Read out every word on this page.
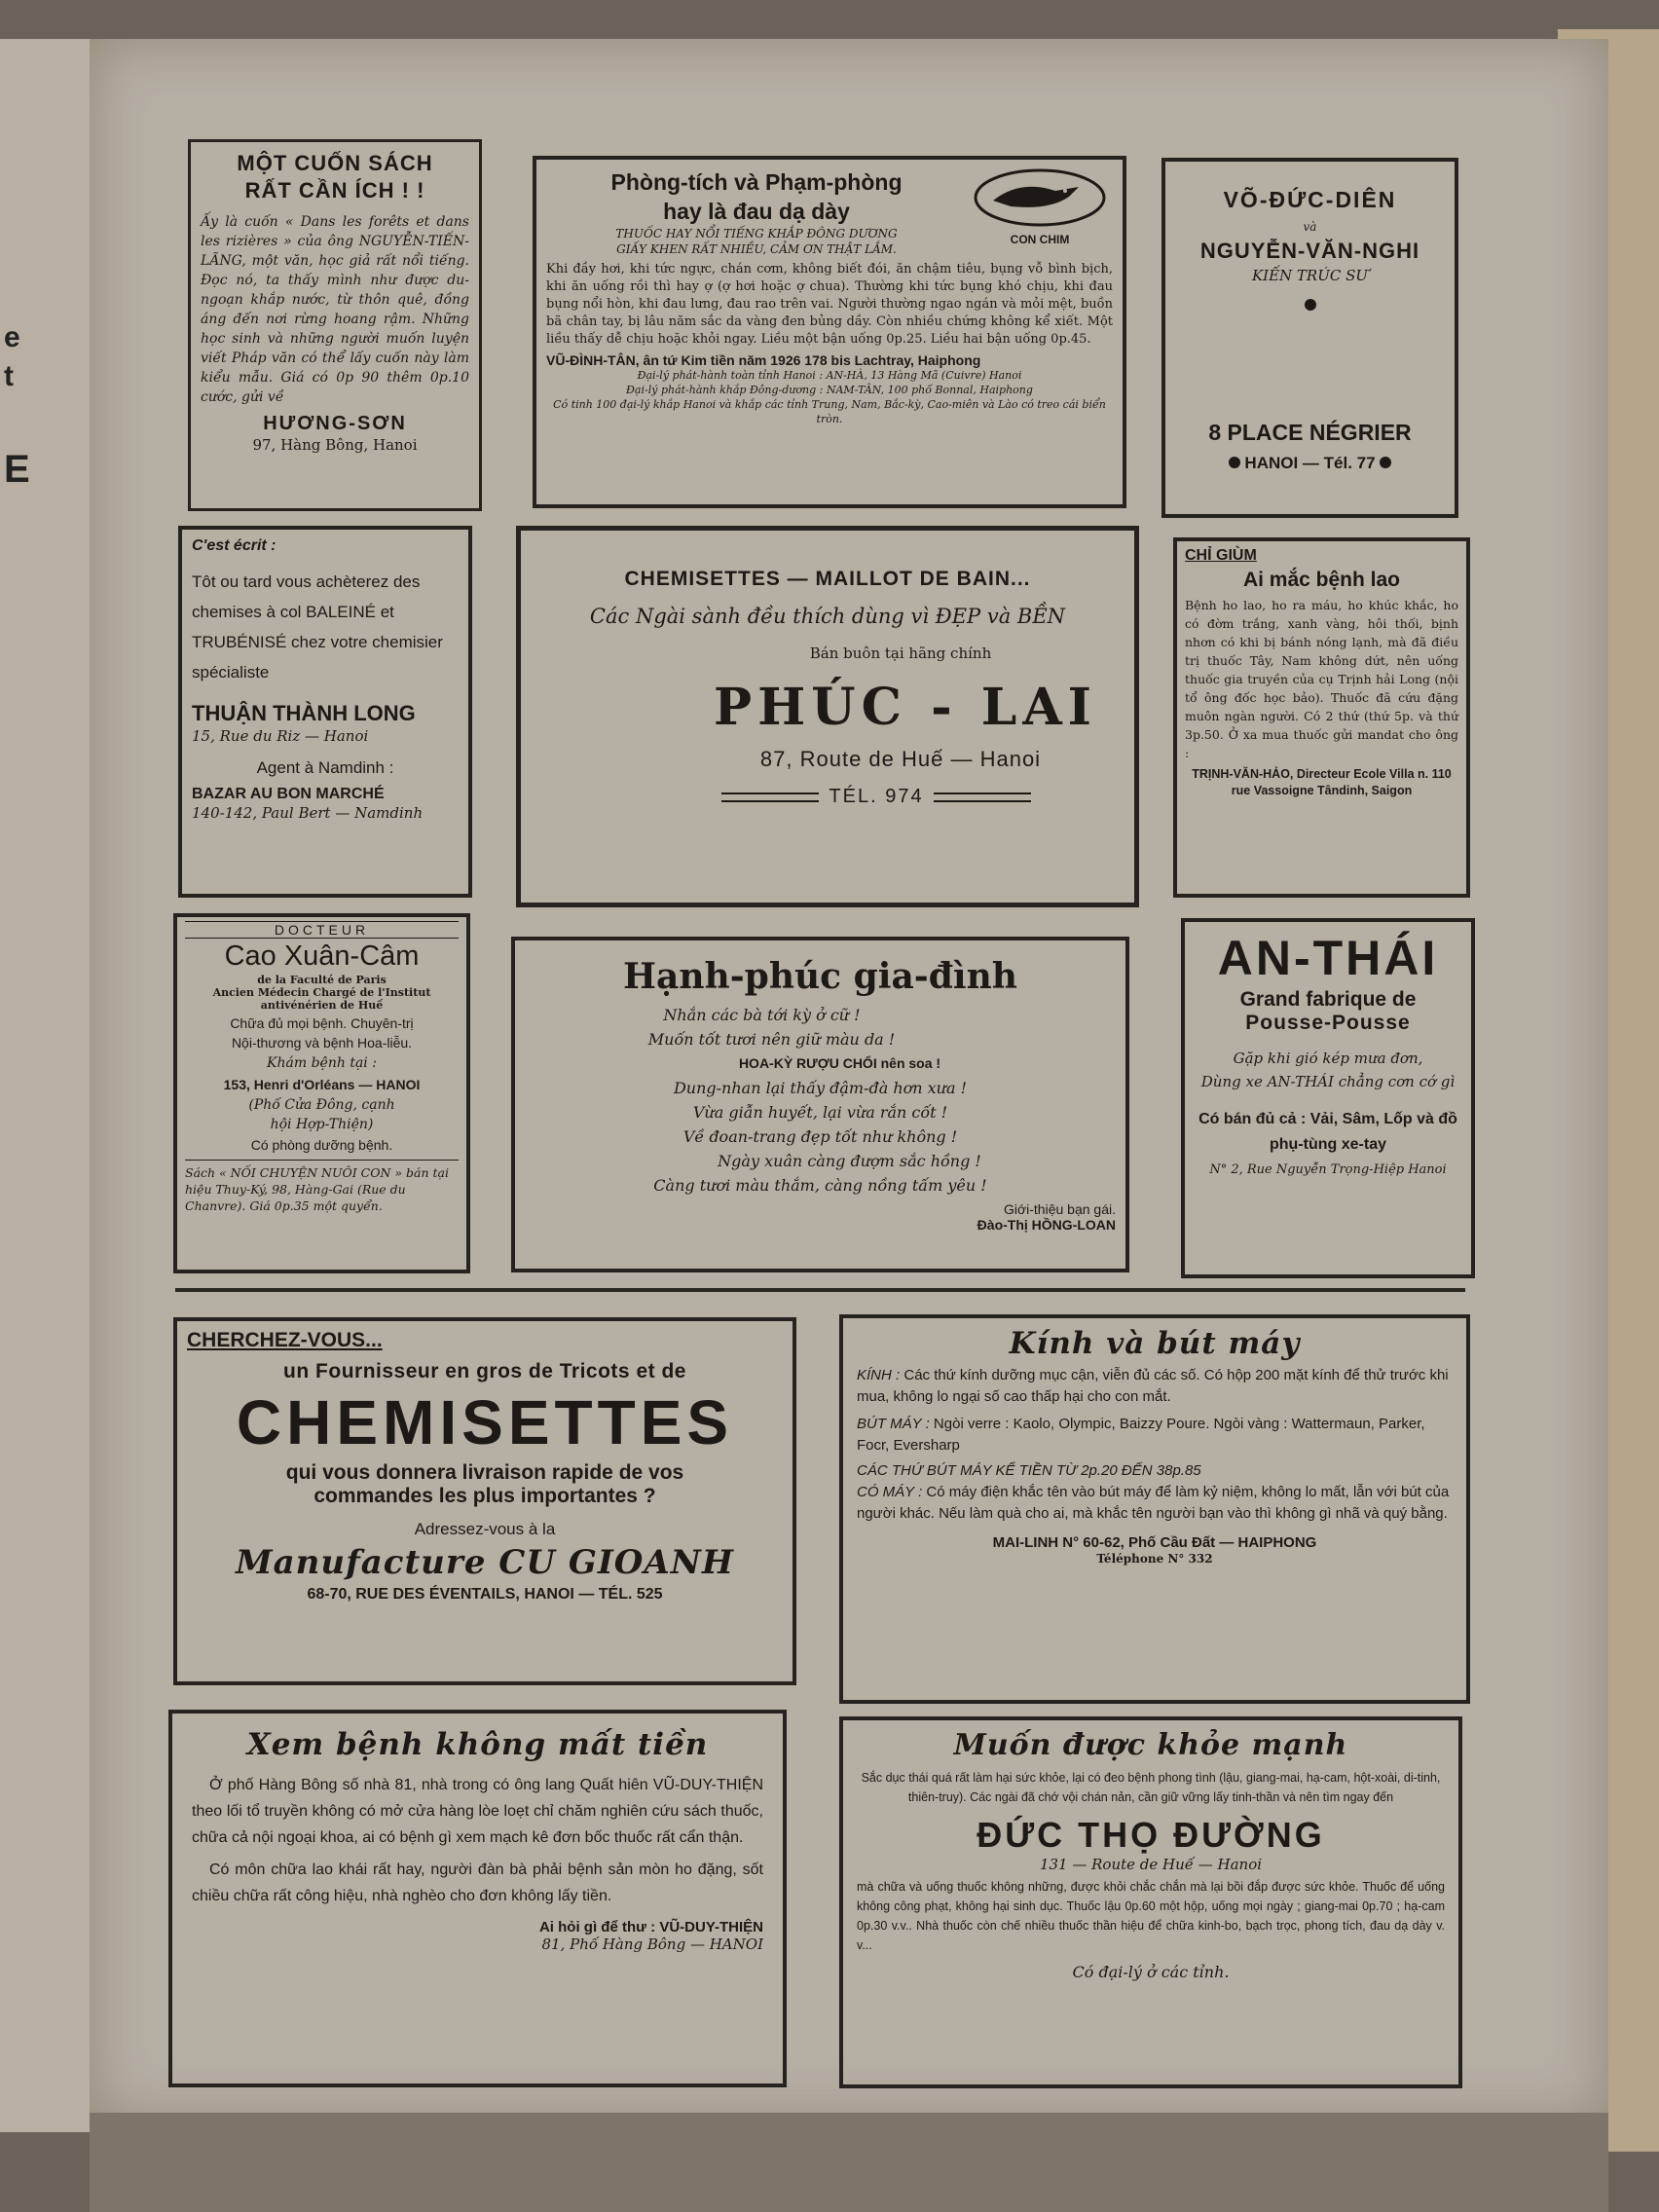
e
t
E
MỘT CUỐN SÁCH RẤT CẦN ÍCH ! !

Ấy là cuốn « Dans les forêts et dans les rizières » của ông NGUYỄN-TIẾN-LÃNG, một văn, học giả rất nổi tiếng. Đọc nó, ta thấy mình như được du-ngoạn khắp nước, từ thôn quê, đồng áng đến nơi rừng hoang rậm. Những học sinh và những người muốn luyện viết Pháp văn có thể lấy cuốn này làm kiểu mẫu. Giá có 0p 90 thêm 0p.10 cước, gửi về

HƯƠNG-SƠN
97, Hàng Bông, Hanoi
Phòng-tích và Phạm-phòng
hay là đau dạ dày
THUỐC HAY NỔI TIẾNG KHẮP ĐÔNG DƯƠNG
GIẤY KHEN RẤT NHIỀU, CẢM ƠN THẬT LẮM.
CON CHIM

Khi đầy hơi, khi tức ngực, chán cơm, không biết đói, ăn chậm tiêu, bụng vỗ bình bịch, khi ăn uống rồi thì hay ợ (ợ hơi hoặc ợ chua). Thường khi tức bụng khó chịu, khi đau bụng nổi hòn, khi đau lưng, đau rao trên vai. Người thường ngao ngán và mỏi mệt, buồn bã chân tay, bị lâu năm sắc da vàng đen bủng dầy. Còn nhiều chứng không kể xiết. Một liều thấy dễ chịu hoặc khỏi ngay. Liều một bận uống 0p.25. Liều hai bận uống 0p.45.

VŨ-ĐÌNH-TÂN, ân tứ Kim tiền năm 1926 178 bis Lachtray, Haiphong
Đại-lý phát-hành toàn tỉnh Hanoi : AN-HÀ, 13 Hàng Mã (Cuivre) Hanoi
Đại-lý phát-hành khắp Đông-dương : NAM-TÂN, 100 phố Bonnal, Haiphong
Có tinh 100 đại-lý khắp Hanoi và khắp các tỉnh Trung, Nam, Bắc-kỳ, Cao-miên và Lào có treo cái biển tròn.
VÕ-ĐỨC-DIÊN
và
NGUYỄN-VĂN-NGHI
KIẾN TRÚC SƯ
8 PLACE NÉGRIER
HANOI — Tél. 77
C'est écrit :

Tôt ou tard vous achèterez des chemises à col BALEINÉ et TRUBÉNISÉ chez votre chemisier spécialiste

THUẬN THÀNH LONG
15, Rue du Riz — Hanoi
Agent à Namdinh :
BAZAR AU BON MARCHÉ
140-142, Paul Bert — Namdinh
CHEMISETTES — MAILLOT DE BAIN...
Các Ngài sành đều thích dùng vì ĐẸP và BỀN
Bán buôn tại hãng chính
PHÚC - LAI
87, Route de Huế — Hanoi
TÉL. 974
CHỈ GIÙM
Ai mắc bệnh lao

Bệnh ho lao, ho ra máu, ho khúc khắc, ho có đờm trắng, xanh vàng, hôi thối, bịnh nhơn có khi bị bánh nóng lạnh, mà đã điều trị thuốc Tây, Nam không dứt, nên uống thuốc gia truyền của cụ Trịnh hải Long (nội tổ ông đốc học bảo). Thuốc đã cứu đặng muôn ngàn người. Có 2 thứ (thứ 5p. và thứ 3p.50. Ở xa mua thuốc gửi mandat cho ông :

TRỊNH-VĂN-HẢO, Directeur Ecole Villa n. 110 rue Vassoigne Tândinh, Saigon

DOCTEUR
Cao Xuân-Câm
de la Faculté de Paris
Ancien Médecin Chargé de l'Institut antivénérien de Huế
Chữa đủ mọi bệnh. Chuyên-trị
Nội-thương và bệnh Hoa-liễu.
Khám bệnh tại :
153, Henri d'Orléans — HANOI
(Phố Cửa Đông, cạnh
hội Hợp-Thiện)
Có phòng dưỡng bệnh.

Sách « NỐI CHUYỆN NUÔI CON » bán tại hiệu Thuy-Ký, 98, Hàng-Gai (Rue du Chanvre). Giá 0p.35 một quyển.

Hạnh-phúc gia-đình
Nhắn các bà tới kỳ ở cữ !
Muốn tốt tươi nên giữ màu da !
HOA-KỲ RƯỢU CHỔI nên soa !
Dung-nhan lại thấy đậm-đà hơn xưa !
Vừa giẫn huyết, lại vừa rắn cốt !
Về đoan-trang đẹp tốt như không !
Ngày xuân càng đượm sắc hồng !
Càng tươi màu thắm, càng nồng tấm yêu !
Giới-thiệu bạn gái.
Đào-Thị HỒNG-LOAN
AN-THÁI
Grand fabrique de
Pousse-Pousse
Gặp khi gió kép mưa đơn,
Dùng xe AN-THÁI chẳng cơn cớ gì
Có bán đủ cả : Vải, Sâm, Lốp và đồ phụ-tùng xe-tay
N° 2, Rue Nguyễn Trọng-Hiệp Hanoi
CHERCHEZ-VOUS...
un Fournisseur en gros de Tricots et de
CHEMISETTES
qui vous donnera livraison rapide de vos
commandes les plus importantes ?
Adressez-vous à la
Manufacture CU GIOANH
68-70, RUE DES ÉVENTAILS, HANOI — TÉL. 525
Kính và bút máy

KÍNH : Các thứ kính dưỡng mục cận, viễn đủ các số. Có hộp 200 mặt kính để thử trước khi mua, không lo ngại số cao thấp hại cho con mắt.

BÚT MÁY : Ngòi verre : Kaolo, Olympic, Baizzy Poure. Ngòi vàng : Wattermaun, Parker, Focr, Eversharp

CÁC THỨ BÚT MÁY KỂ TIỀN TỪ 2p.20 ĐẾN 38p.85

CÓ MÁY : Có máy điện khắc tên vào bút máy để làm kỷ niệm, không lo mất, lẫn với bút của người khác. Nếu làm quà cho ai, mà khắc tên người bạn vào thì không gì nhã và quý bằng.

MAI-LINH N° 60-62, Phố Cầu Đất — HAIPHONG
Téléphone N° 332
Xem bệnh không mất tiền

Ở phố Hàng Bông số nhà 81, nhà trong có ông lang Quất hiên VŨ-DUY-THIỆN theo lối tổ truyền không có mở cửa hàng lòe loẹt chỉ chăm nghiên cứu sách thuốc, chữa cả nội ngoại khoa, ai có bệnh gì xem mạch kê đơn bốc thuốc rất cẩn thận.

Có môn chữa lao khái rất hay, người đàn bà phải bệnh sản mòn ho đặng, sốt chiều chữa rất công hiệu, nhà nghèo cho đơn không lấy tiền.

Ai hỏi gì để thư : VŨ-DUY-THIỆN
81, Phố Hàng Bông — HANOI
Muốn được khỏe mạnh

Sắc dục thái quá rất làm hại sức khỏe, lại có đeo bệnh phong tình (lậu, giang-mai, hạ-cam, hột-xoài, di-tinh, thiên-truy). Các ngài đã chớ vội chán nản, cần giữ vững lấy tinh-thần và nên tìm ngay đến

ĐỨC THỌ ĐƯỜNG
131 — Route de Huế — Hanoi

mà chữa và uống thuốc không những, được khỏi chắc chắn mà lại bồi đắp được sức khỏe. Thuốc để uống không công phạt, không hại sinh dục. Thuốc lậu 0p.60 một hộp, uống mọi ngày ; giang-mai 0p.70 ; hạ-cam 0p.30 v.v.. Nhà thuốc còn chế nhiều thuốc thần hiệu để chữa kinh-bo, bạch trọc, phong tích, đau dạ dày v. v...

Có đại-lý ở các tỉnh.
